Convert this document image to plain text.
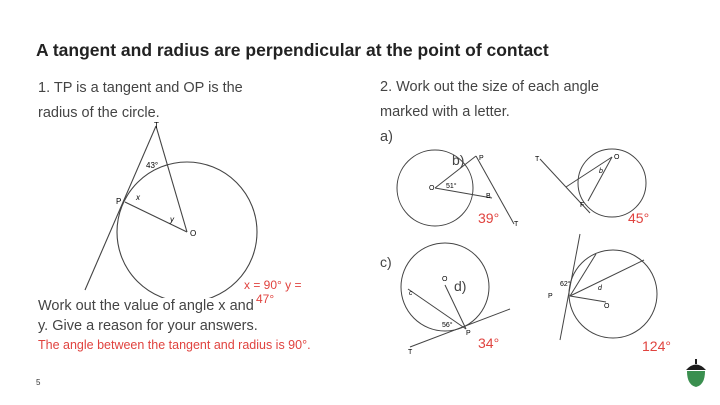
A tangent and radius are perpendicular at the point of contact
1. TP is a tangent and OP is the
radius of the circle.
T
43°
P x
y
O
x = 90° y =
47°
Work out the value of angle x and
y. Give a reason for your answers.
The angle between the tangent and radius is 90°.
2. Work out the size of each angle
marked with a letter.
a)
O 51°
P
B
T
b)
39°
T	O
b
F
45°
c)
O
c
56°
P
T
d)
34°
P
62°
d
O
124°
5
